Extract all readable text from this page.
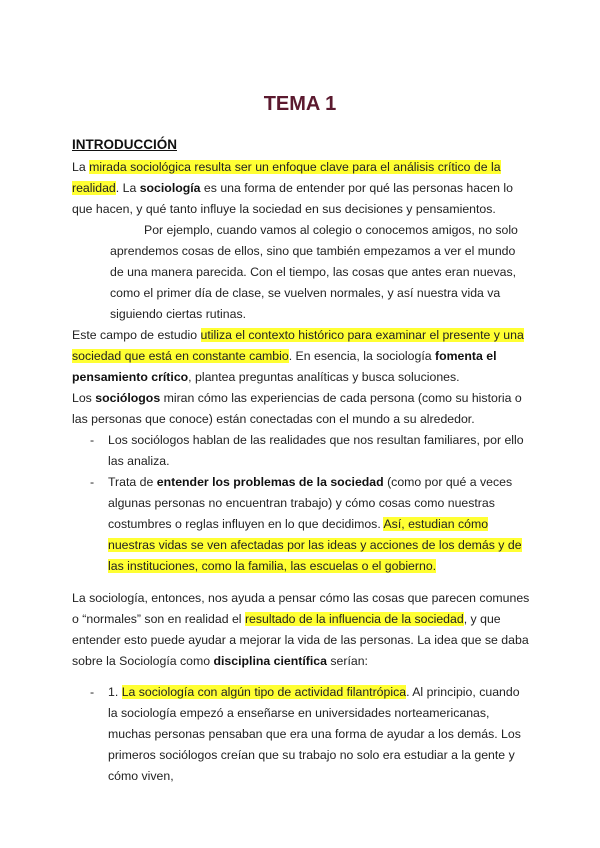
TEMA 1
INTRODUCCIÓN

La mirada sociológica resulta ser un enfoque clave para el análisis crítico de la realidad. La sociología es una forma de entender por qué las personas hacen lo que hacen, y qué tanto influye la sociedad en sus decisiones y pensamientos.

Por ejemplo, cuando vamos al colegio o conocemos amigos, no solo aprendemos cosas de ellos, sino que también empezamos a ver el mundo de una manera parecida. Con el tiempo, las cosas que antes eran nuevas, como el primer día de clase, se vuelven normales, y así nuestra vida va siguiendo ciertas rutinas.

Este campo de estudio utiliza el contexto histórico para examinar el presente y una sociedad que está en constante cambio. En esencia, la sociología fomenta el pensamiento crítico, plantea preguntas analíticas y busca soluciones.

Los sociólogos miran cómo las experiencias de cada persona (como su historia o las personas que conoce) están conectadas con el mundo a su alrededor.

- Los sociólogos hablan de las realidades que nos resultan familiares, por ello las analiza.

- Trata de entender los problemas de la sociedad (como por qué a veces algunas personas no encuentran trabajo) y cómo cosas como nuestras costumbres o reglas influyen en lo que decidimos. Así, estudian cómo nuestras vidas se ven afectadas por las ideas y acciones de los demás y de las instituciones, como la familia, las escuelas o el gobierno.

La sociología, entonces, nos ayuda a pensar cómo las cosas que parecen comunes o “normales” son en realidad el resultado de la influencia de la sociedad, y que entender esto puede ayudar a mejorar la vida de las personas. La idea que se daba sobre la Sociología como disciplina científica serían:

- 1. La sociología con algún tipo de actividad filantrópica. Al principio, cuando la sociología empezó a enseñarse en universidades norteamericanas, muchas personas pensaban que era una forma de ayudar a los demás. Los primeros sociólogos creían que su trabajo no solo era estudiar a la gente y cómo viven,
